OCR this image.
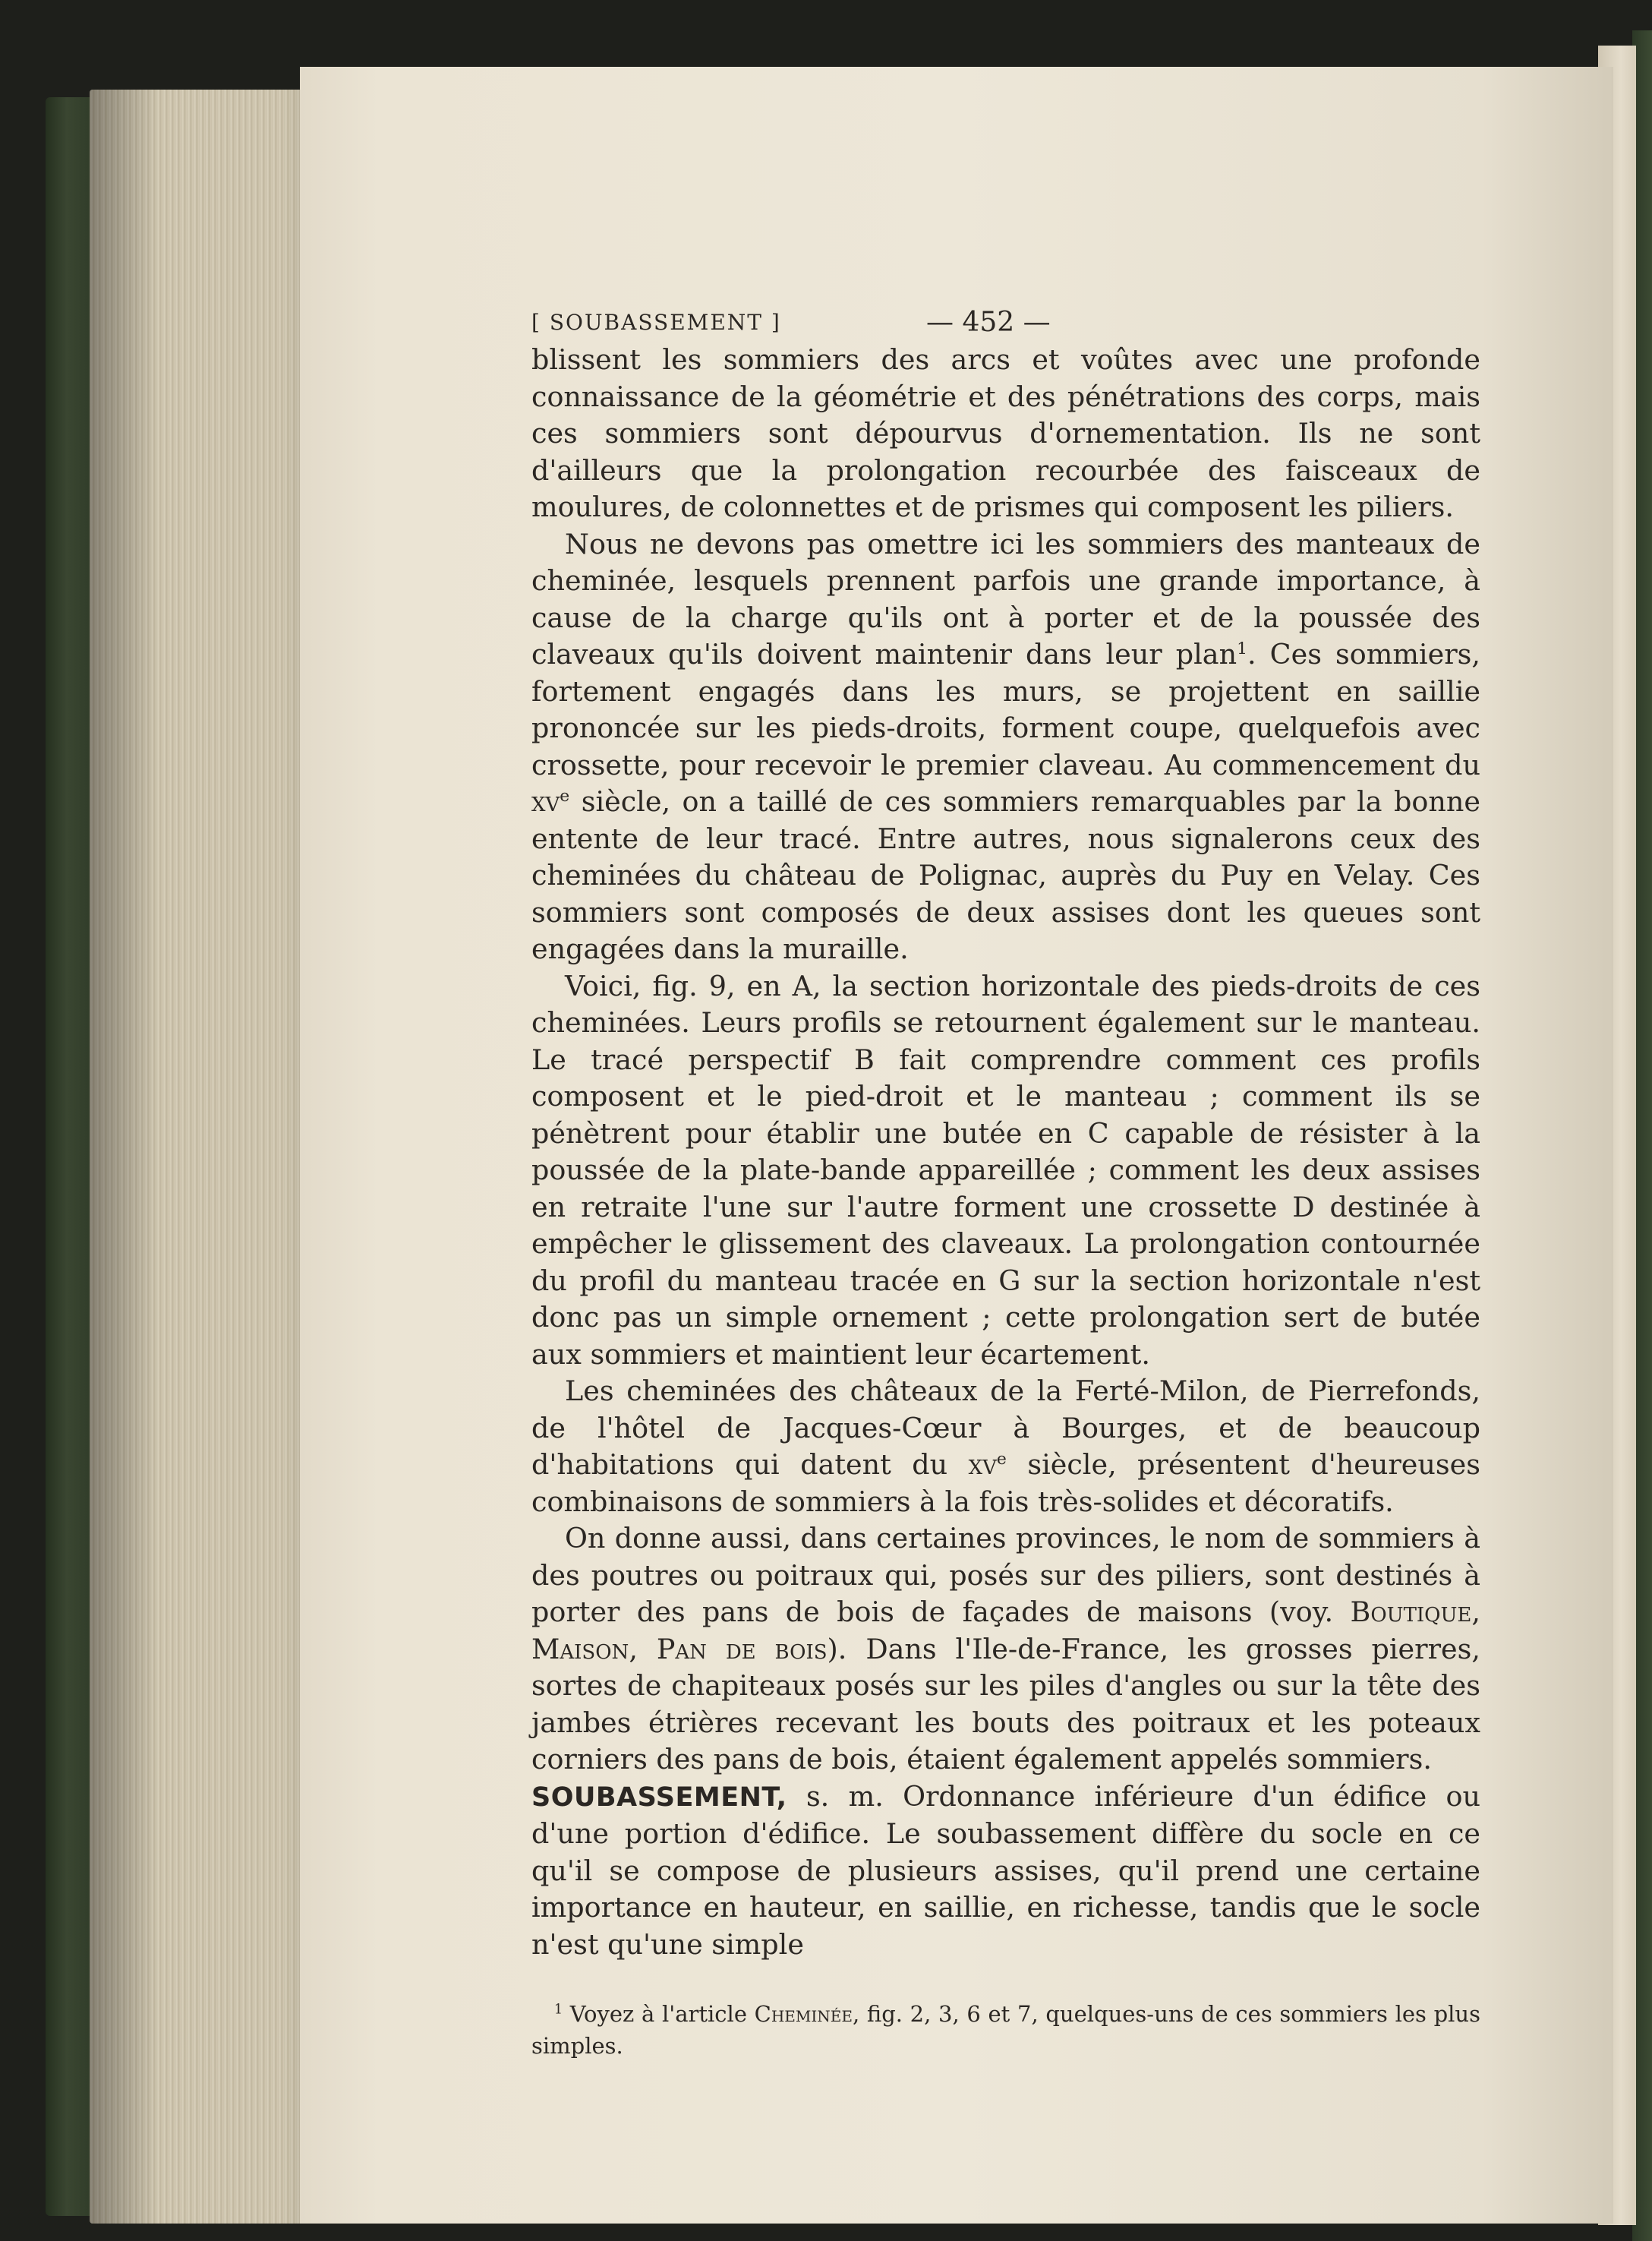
[ SOUBASSEMENT ]	— 452 —

blissent les sommiers des arcs et voûtes avec une profonde connaissance de la géométrie et des pénétrations des corps, mais ces sommiers sont dépourvus d'ornementation. Ils ne sont d'ailleurs que la prolongation recourbée des faisceaux de moulures, de colonnettes et de prismes qui composent les piliers.

Nous ne devons pas omettre ici les sommiers des manteaux de cheminée, lesquels prennent parfois une grande importance, à cause de la charge qu'ils ont à porter et de la poussée des claveaux qu'ils doivent maintenir dans leur plan$^1$. Ces sommiers, fortement engagés dans les murs, se projettent en saillie prononcée sur les pieds-droits, forment coupe, quelquefois avec crossette, pour recevoir le premier claveau. Au commencement du $xv^e$ siècle, on a taillé de ces sommiers remarquables par la bonne entente de leur tracé. Entre autres, nous signalerons ceux des cheminées du château de Polignac, auprès du Puy en Velay. Ces sommiers sont composés de deux assises dont les queues sont engagées dans la muraille.

Voici, fig. 9, en A, la section horizontale des pieds-droits de ces cheminées. Leurs profils se retournent également sur le manteau. Le tracé perspectif B fait comprendre comment ces profils composent et le pied-droit et le manteau ; comment ils se pénètrent pour établir une butée en C capable de résister à la poussée de la plate-bande appareillée ; comment les deux assises en retraite l'une sur l'autre forment une crossette D destinée à empêcher le glissement des claveaux. La prolongation contournée du profil du manteau tracée en G sur la section horizontale n'est donc pas un simple ornement ; cette prolongation sert de butée aux sommiers et maintient leur écartement.

Les cheminées des châteaux de la Ferté-Milon, de Pierrefonds, de l'hôtel de Jacques-Cœur à Bourges, et de beaucoup d'habitations qui datent du $xv^e$ siècle, présentent d'heureuses combinaisons de sommiers à la fois très-solides et décoratifs.

On donne aussi, dans certaines provinces, le nom de sommiers à des poutres ou poitraux qui, posés sur des piliers, sont destinés à porter des pans de bois de façades de maisons (voy. Boutique, Maison, Pan de bois). Dans l'Ile-de-France, les grosses pierres, sortes de chapiteaux posés sur les piles d'angles ou sur la tête des jambes étrières recevant les bouts des poitraux et les poteaux corniers des pans de bois, étaient également appelés sommiers.

SOUBASSEMENT, s. m. Ordonnance inférieure d'un édifice ou d'une portion d'édifice. Le soubassement diffère du socle en ce qu'il se compose de plusieurs assises, qu'il prend une certaine importance en hauteur, en saillie, en richesse, tandis que le socle n'est qu'une simple

$^1$ Voyez à l'article Cheminée, fig. 2, 3, 6 et 7, quelques-uns de ces sommiers les plus simples.
